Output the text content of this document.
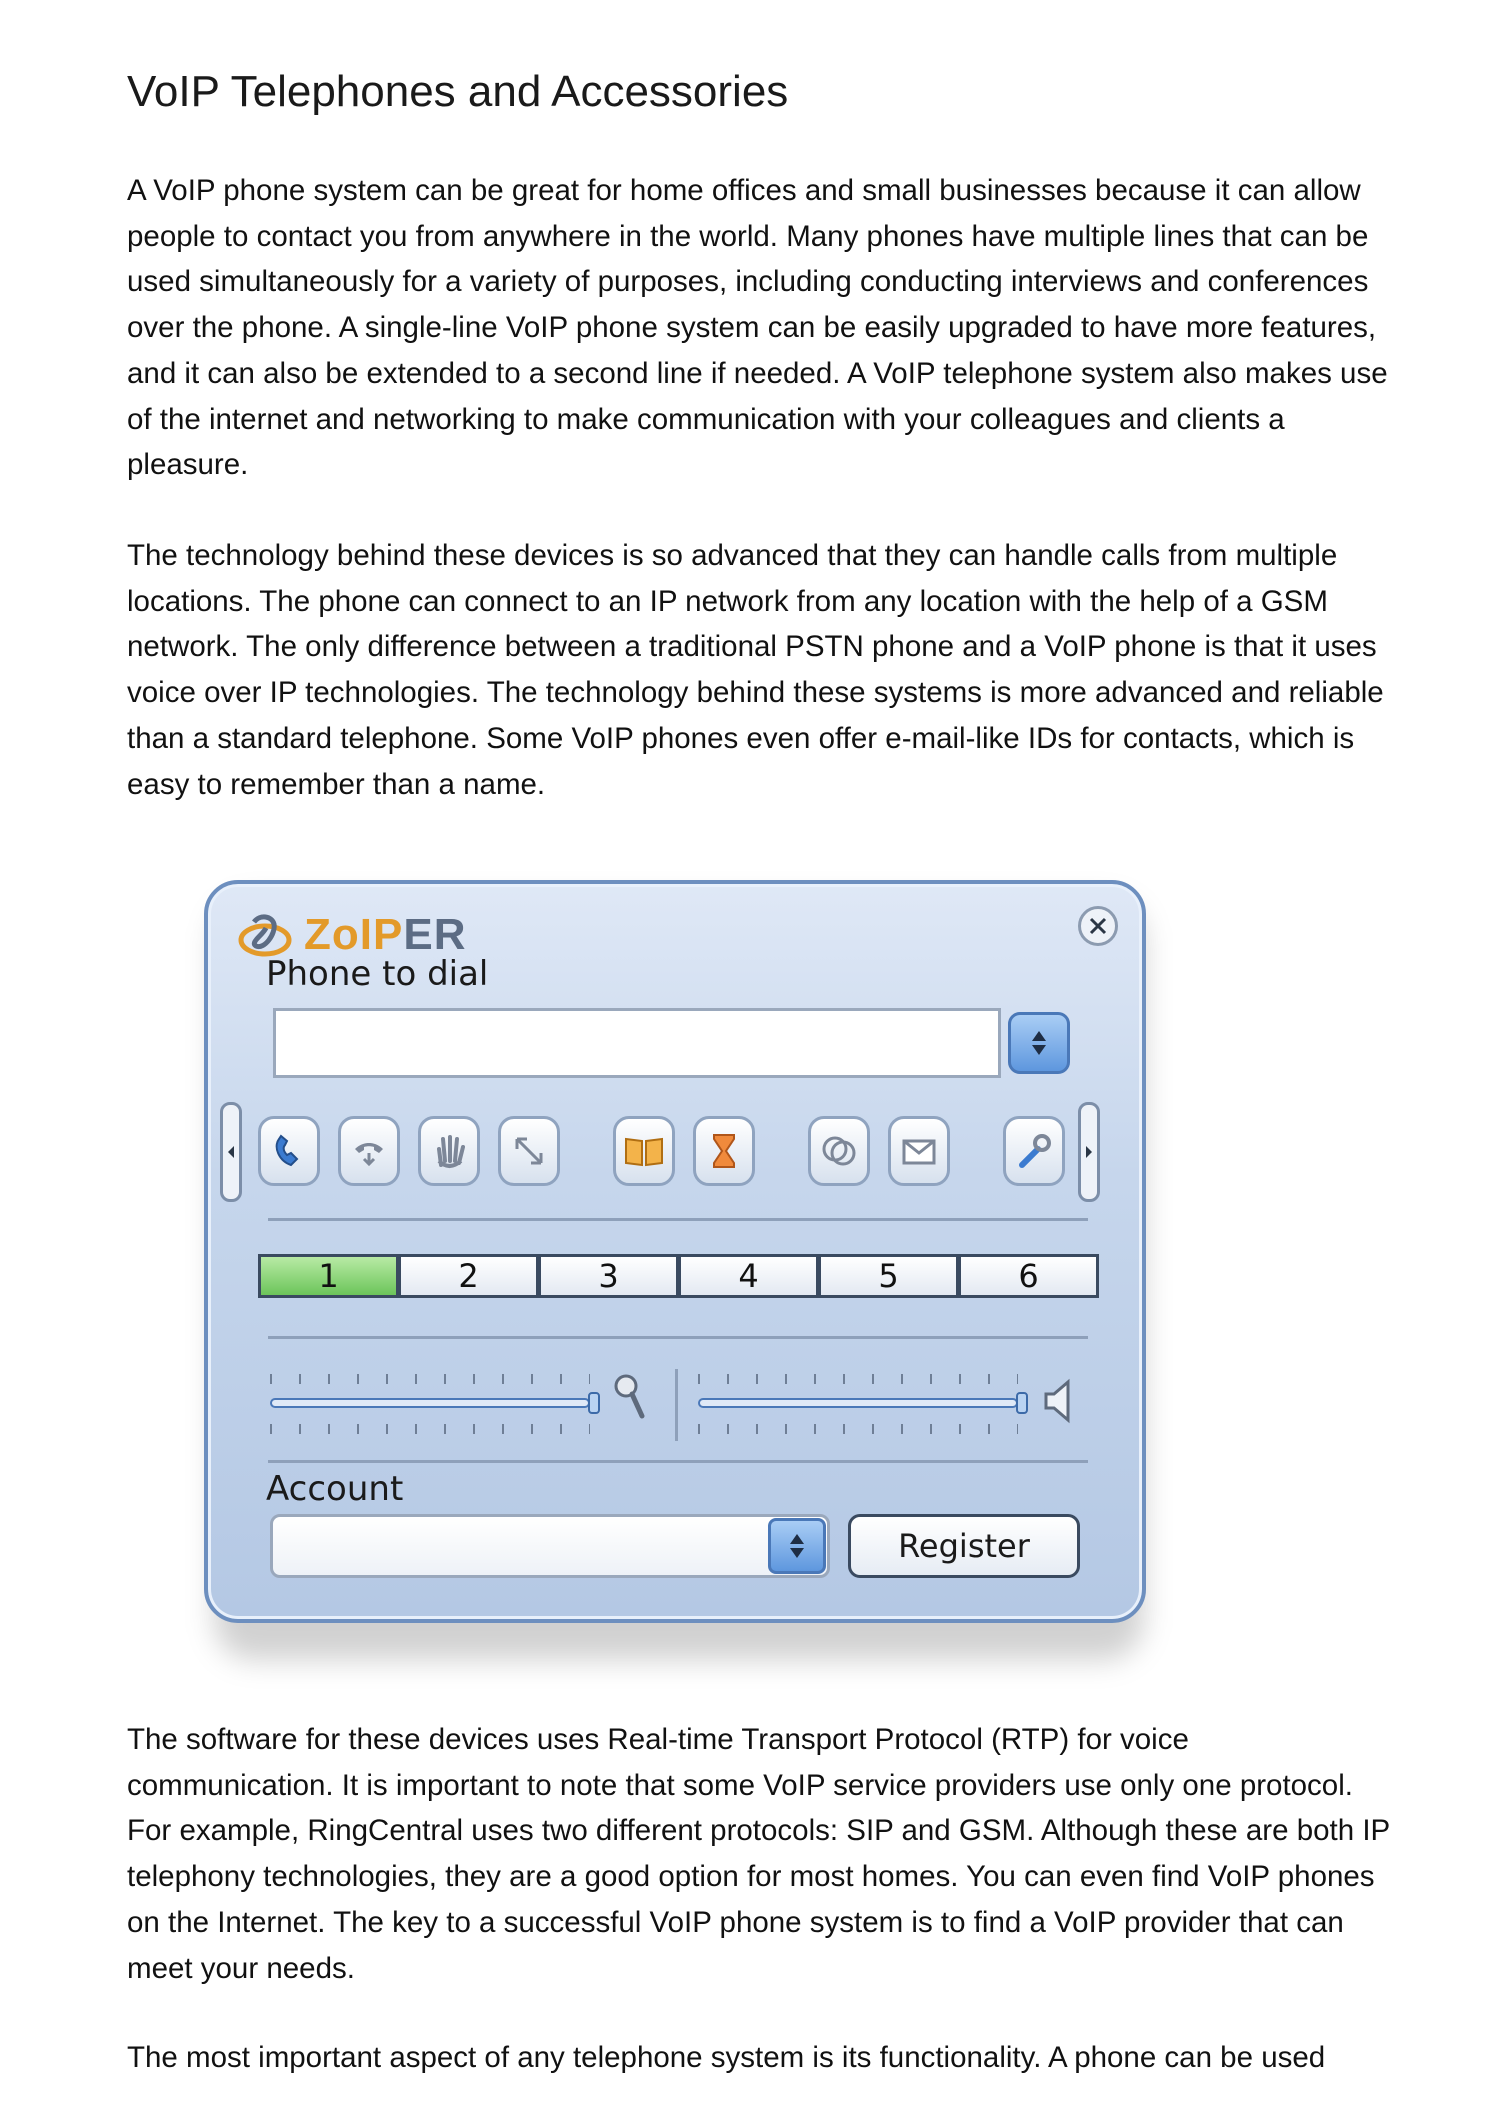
VoIP Telephones and Accessories

A VoIP phone system can be great for home offices and small businesses because it can allow people to contact you from anywhere in the world. Many phones have multiple lines that can be used simultaneously for a variety of purposes, including conducting interviews and conferences over the phone. A single-line VoIP phone system can be easily upgraded to have more features, and it can also be extended to a second line if needed. A VoIP telephone system also makes use of the internet and networking to make communication with your colleagues and clients a pleasure.

The technology behind these devices is so advanced that they can handle calls from multiple locations. The phone can connect to an IP network from any location with the help of a GSM network. The only difference between a traditional PSTN phone and a VoIP phone is that it uses voice over IP technologies. The technology behind these systems is more advanced and reliable than a standard telephone. Some VoIP phones even offer e-mail-like IDs for contacts, which is easy to remember than a name.

ZoIPER
Phone to dial
1	2	3	4	5	6
Account
Register

The software for these devices uses Real-time Transport Protocol (RTP) for voice communication. It is important to note that some VoIP service providers use only one protocol. For example, RingCentral uses two different protocols: SIP and GSM. Although these are both IP telephony technologies, they are a good option for most homes. You can even find VoIP phones on the Internet. The key to a successful VoIP phone system is to find a VoIP provider that can meet your needs.

The most important aspect of any telephone system is its functionality. A phone can be used
